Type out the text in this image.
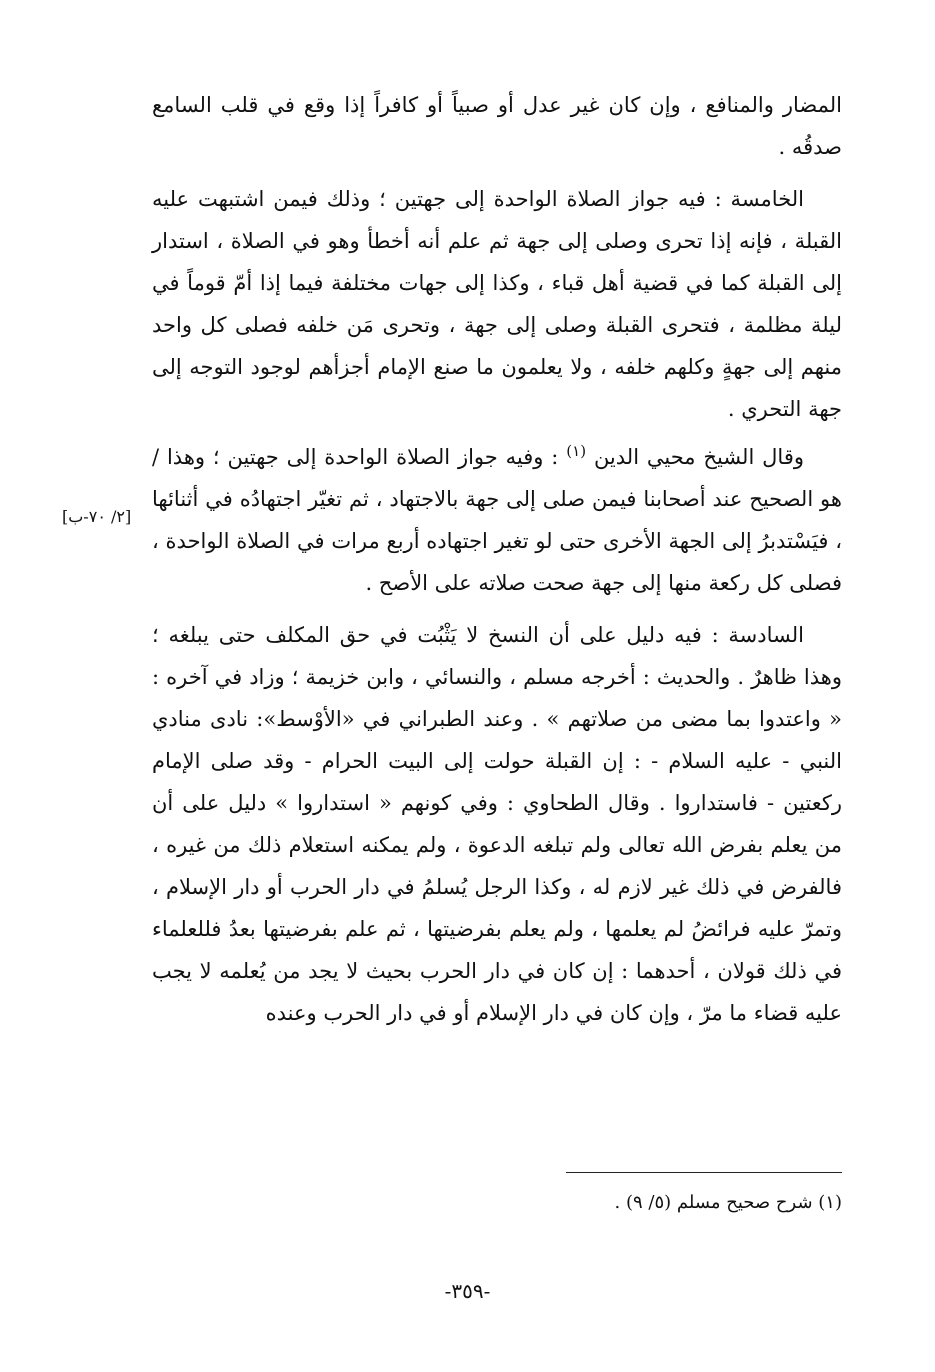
المضار والمنافع ، وإن كان غير عدل أو صبياً أو كافراً إذا وقع في قلب السامع صدقُه .

الخامسة : فيه جواز الصلاة الواحدة إلى جهتين ؛ وذلك فيمن اشتبهت عليه القبلة ، فإنه إذا تحرى وصلى إلى جهة ثم علم أنه أخطأ وهو في الصلاة ، استدار إلى القبلة كما في قضية أهل قباء ، وكذا إلى جهات مختلفة فيما إذا أمّ قوماً في ليلة مظلمة ، فتحرى القبلة وصلى إلى جهة ، وتحرى مَن خلفه فصلى كل واحد منهم إلى جهةٍ وكلهم خلفه ، ولا يعلمون ما صنع الإمام أجزأهم لوجود التوجه إلى جهة التحري .

وقال الشيخ محيي الدين $^{(١)}$ : وفيه جواز الصلاة الواحدة إلى جهتين ؛ وهذا / هو الصحيح عند أصحابنا فيمن صلى إلى جهة بالاجتهاد ، ثم تغيّر اجتهادُه في أثنائها ، فيَسْتدبرُ إلى الجهة الأخرى حتى لو تغير اجتهاده أربع مرات في الصلاة الواحدة ، فصلى كل ركعة منها إلى جهة صحت صلاته على الأصح .

السادسة : فيه دليل على أن النسخ لا يَثْبُت في حق المكلف حتى يبلغه ؛ وهذا ظاهرٌ . والحديث : أخرجه مسلم ، والنسائي ، وابن خزيمة ؛ وزاد في آخره : « واعتدوا بما مضى من صلاتهم » . وعند الطبراني في «الأوْسط»: نادى منادي النبي - عليه السلام - : إن القبلة حولت إلى البيت الحرام - وقد صلى الإمام ركعتين - فاستداروا . وقال الطحاوي : وفي كونهم « استداروا » دليل على أن من يعلم بفرض الله تعالى ولم تبلغه الدعوة ، ولم يمكنه استعلام ذلك من غيره ، فالفرض في ذلك غير لازم له ، وكذا الرجل يُسلمُ في دار الحرب أو دار الإسلام ، وتمرّ عليه فرائضُ لم يعلمها ، ولم يعلم بفرضيتها ، ثم علم بفرضيتها بعدُ فللعلماء في ذلك قولان ، أحدهما : إن كان في دار الحرب بحيث لا يجد من يُعلمه لا يجب عليه قضاء ما مرّ ، وإن كان في دار الإسلام أو في دار الحرب وعنده

[٢/ ٧٠-ب]
(١) شرح صحيح مسلم (٥/ ٩) .
-٣٥٩-
